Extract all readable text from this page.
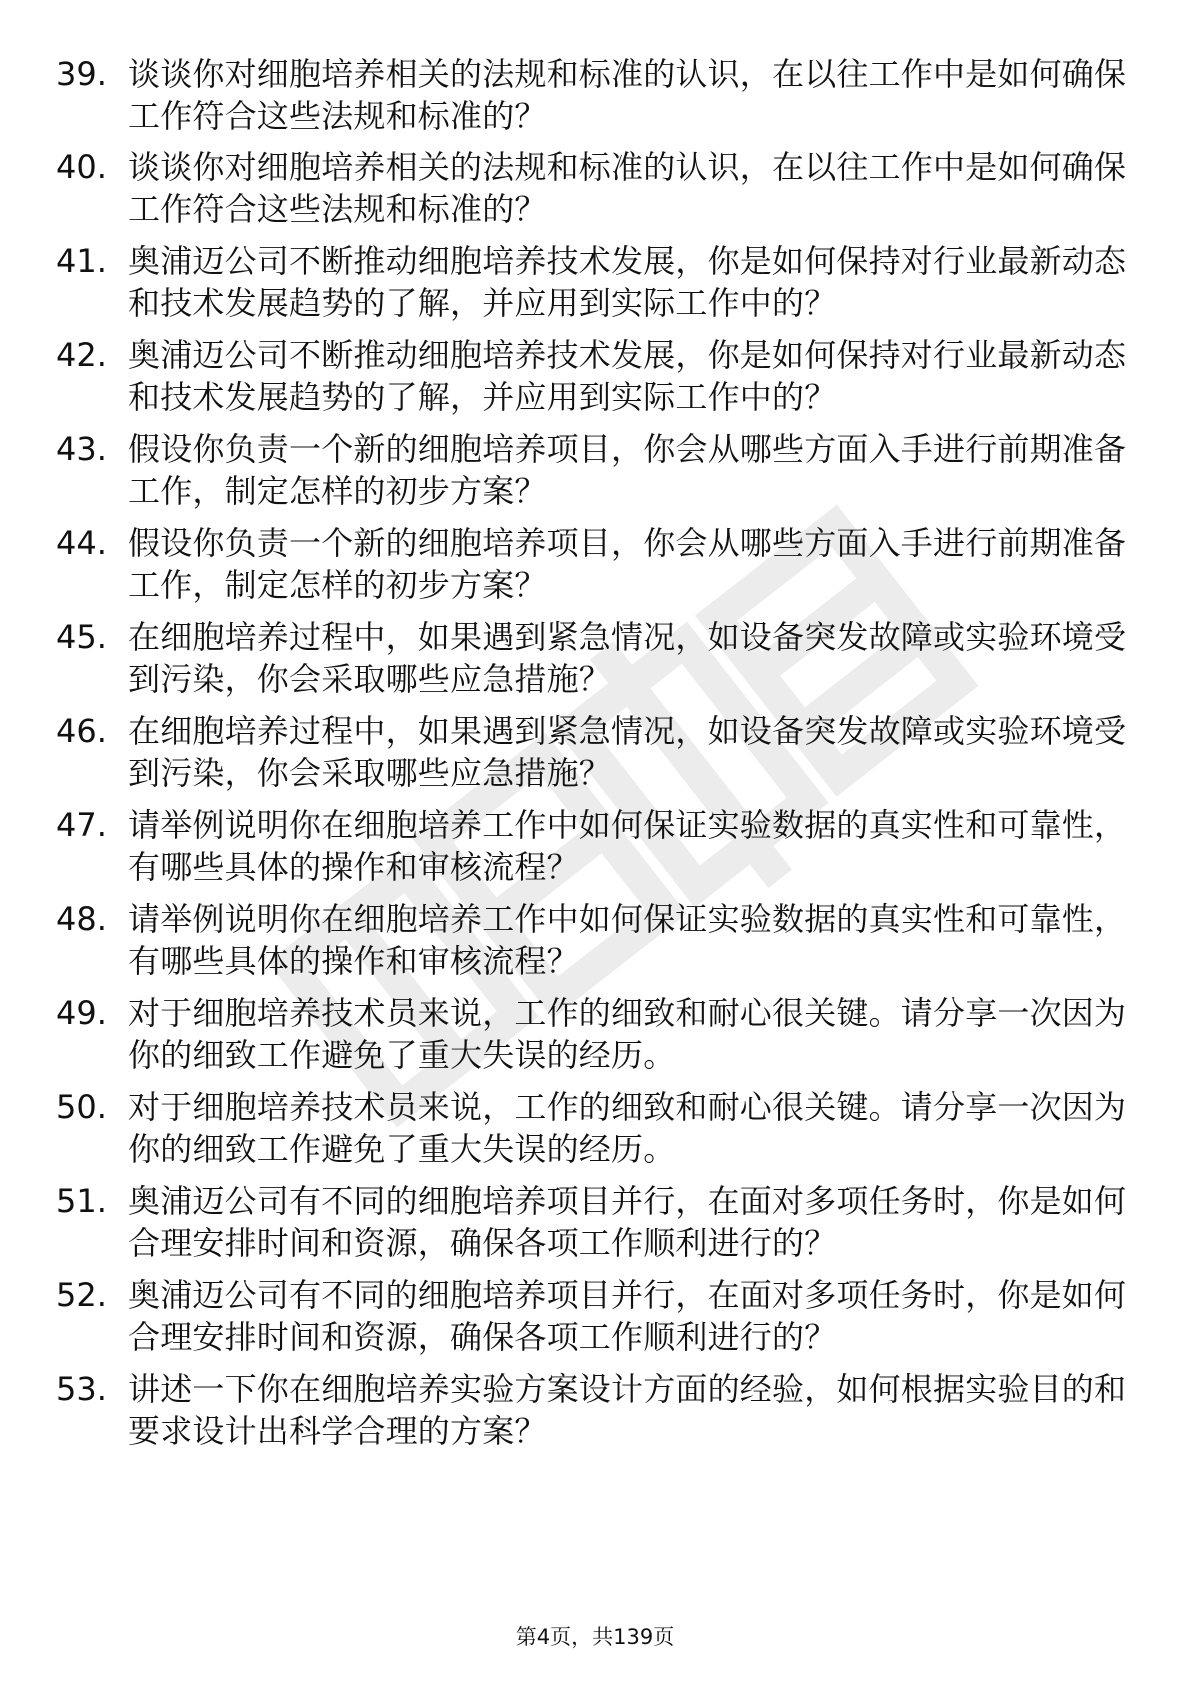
39. 谈谈你对细胞培养相关的法规和标准的认识，在以往工作中是如何确保工作符合这些法规和标准的？
40. 谈谈你对细胞培养相关的法规和标准的认识，在以往工作中是如何确保工作符合这些法规和标准的？
41. 奥浦迈公司不断推动细胞培养技术发展，你是如何保持对行业最新动态和技术发展趋势的了解，并应用到实际工作中的？
42. 奥浦迈公司不断推动细胞培养技术发展，你是如何保持对行业最新动态和技术发展趋势的了解，并应用到实际工作中的？
43. 假设你负责一个新的细胞培养项目，你会从哪些方面入手进行前期准备工作，制定怎样的初步方案？
44. 假设你负责一个新的细胞培养项目，你会从哪些方面入手进行前期准备工作，制定怎样的初步方案？
45. 在细胞培养过程中，如果遇到紧急情况，如设备突发故障或实验环境受到污染，你会采取哪些应急措施？
46. 在细胞培养过程中，如果遇到紧急情况，如设备突发故障或实验环境受到污染，你会采取哪些应急措施？
47. 请举例说明你在细胞培养工作中如何保证实验数据的真实性和可靠性，有哪些具体的操作和审核流程？
48. 请举例说明你在细胞培养工作中如何保证实验数据的真实性和可靠性，有哪些具体的操作和审核流程？
49. 对于细胞培养技术员来说，工作的细致和耐心很关键。请分享一次因为你的细致工作避免了重大失误的经历。
50. 对于细胞培养技术员来说，工作的细致和耐心很关键。请分享一次因为你的细致工作避免了重大失误的经历。
51. 奥浦迈公司有不同的细胞培养项目并行，在面对多项任务时，你是如何合理安排时间和资源，确保各项工作顺利进行的？
52. 奥浦迈公司有不同的细胞培养项目并行，在面对多项任务时，你是如何合理安排时间和资源，确保各项工作顺利进行的？
53. 讲述一下你在细胞培养实验方案设计方面的经验，如何根据实验目的和要求设计出科学合理的方案？
第4页，共139页
